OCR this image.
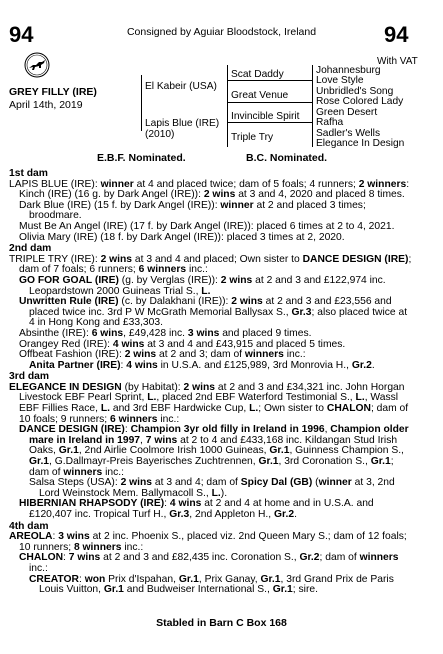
94	Consigned by Aguiar Bloodstock, Ireland	94
With VAT
GREY FILLY (IRE)
April 14th, 2019
El Kabeir (USA)
Lapis Blue (IRE)
(2010)
Scat Daddy
Great Venue
Invincible Spirit
Triple Try
Johannesburg
Love Style
Unbridled's Song
Rose Colored Lady
Green Desert
Rafha
Sadler's Wells
Elegance In Design
E.B.F. Nominated.	B.C. Nominated.
1st dam
LAPIS BLUE (IRE): winner at 4 and placed twice; dam of 5 foals; 4 runners; 2 winners:
Kinch (IRE) (16 g. by Dark Angel (IRE)): 2 wins at 3 and 4, 2020 and placed 8 times.
Dark Blue (IRE) (15 f. by Dark Angel (IRE)): winner at 2 and placed 3 times; broodmare.
Must Be An Angel (IRE) (17 f. by Dark Angel (IRE)): placed 6 times at 2 to 4, 2021.
Olivia Mary (IRE) (18 f. by Dark Angel (IRE)): placed 3 times at 2, 2020.
2nd dam
TRIPLE TRY (IRE): 2 wins at 3 and 4 and placed; Own sister to DANCE DESIGN (IRE); dam of 7 foals; 6 runners; 6 winners inc.:
GO FOR GOAL (IRE) (g. by Verglas (IRE)): 2 wins at 2 and 3 and £122,974 inc. Leopardstown 2000 Guineas Trial S., L.
Unwritten Rule (IRE) (c. by Dalakhani (IRE)): 2 wins at 2 and 3 and £23,556 and placed twice inc. 3rd P W McGrath Memorial Ballysax S., Gr.3; also placed twice at 4 in Hong Kong and £33,303.
Absinthe (IRE): 6 wins, £49,428 inc. 3 wins and placed 9 times.
Orangey Red (IRE): 4 wins at 3 and 4 and £43,915 and placed 5 times.
Offbeat Fashion (IRE): 2 wins at 2 and 3; dam of winners inc.:
Anita Partner (IRE): 4 wins in U.S.A. and £125,989, 3rd Monrovia H., Gr.2.
3rd dam
ELEGANCE IN DESIGN (by Habitat): 2 wins at 2 and 3 and £34,321 inc. John Horgan Livestock EBF Pearl Sprint, L., placed 2nd EBF Waterford Testimonial S., L., Wassl EBF Fillies Race, L. and 3rd EBF Hardwicke Cup, L.; Own sister to CHALON; dam of 10 foals; 9 runners; 6 winners inc.:
DANCE DESIGN (IRE): Champion 3yr old filly in Ireland in 1996, Champion older mare in Ireland in 1997, 7 wins at 2 to 4 and £433,168 inc. Kildangan Stud Irish Oaks, Gr.1, 2nd Airlie Coolmore Irish 1000 Guineas, Gr.1, Guinness Champion S., Gr.1, G.Dallmayr-Preis Bayerisches Zuchtrennen, Gr.1, 3rd Coronation S., Gr.1; dam of winners inc.:
Salsa Steps (USA): 2 wins at 3 and 4; dam of Spicy Dal (GB) (winner at 3, 2nd Lord Weinstock Mem. Ballymacoll S., L.).
HIBERNIAN RHAPSODY (IRE): 4 wins at 2 and 4 at home and in U.S.A. and £120,407 inc. Tropical Turf H., Gr.3, 2nd Appleton H., Gr.2.
4th dam
AREOLA: 3 wins at 2 inc. Phoenix S., placed viz. 2nd Queen Mary S.; dam of 12 foals; 10 runners; 8 winners inc.:
CHALON: 7 wins at 2 and 3 and £82,435 inc. Coronation S., Gr.2; dam of winners inc.:
CREATOR: won Prix d'Ispahan, Gr.1, Prix Ganay, Gr.1, 3rd Grand Prix de Paris Louis Vuitton, Gr.1 and Budweiser International S., Gr.1; sire.
Stabled in Barn C Box 168
